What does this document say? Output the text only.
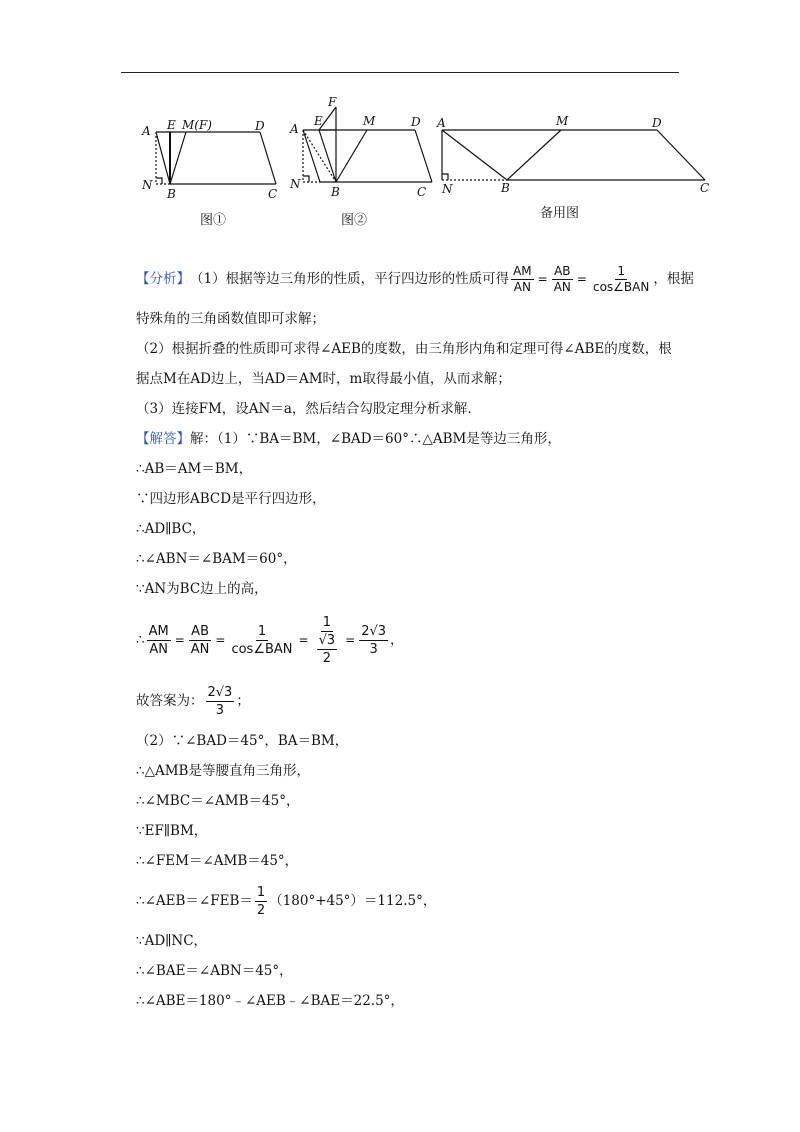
A E M(F)	D
N
B	C
图①
F
A
E	M	D
N
B	C
图②
A	M	D
N	B	C
备用图
【分析】 （1）根据等边三角形的性质，平行四边形的性质可得 $\frac{AM}{AN} = \frac{AB}{AN} = \frac{1}{\text{cos∠BAN}}$ ，根据
特殊角的三角函数值即可求解；
（2）根据折叠的性质即可求得∠AEB的度数，由三角形内角和定理可得∠ABE的度数，根
据点M在AD边上，当AD＝AM时，m取得最小值，从而求解；
（3）连接FM，设AN＝a，然后结合勾股定理分析求解.
【解答】 解：（1）∵BA＝BM，∠BAD＝60°∴△ABM是等边三角形，
∴AB＝AM＝BM，
∵四边形ABCD是平行四边形，
∴AD∥BC，
∴∠ABN＝∠BAM＝60°，
∵AN为BC边上的高，
∴ $\frac{AM}{AN} = \frac{AB}{AN} = \frac{1}{\text{cos∠BAN}} = \frac{1}{\frac{√3}{2}} = \frac{2√3}{3}$ ，
故答案为： $\frac{2√3}{3}$ ；
（2）∵∠BAD＝45°，BA＝BM，
∴△AMB是等腰直角三角形，
∴∠MBC＝∠AMB＝45°，
∵EF∥BM，
∴∠FEM＝∠AMB＝45°，
∴∠AEB＝∠FEB＝ $\frac{1}{2} (180^\circ+45^\circ)=112.5^\circ$，
∵AD∥NC，
∴∠BAE＝∠ABN＝45°，
∴∠ABE＝180°﹣∠AEB﹣∠BAE＝22.5°，
